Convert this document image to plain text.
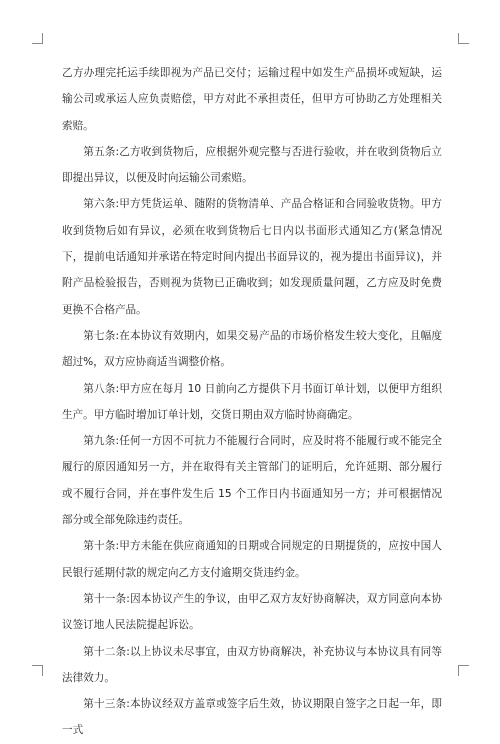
乙方办理完托运手续即视为产品已交付；运输过程中如发生产品损坏或短缺，运输公司或承运人应负责赔偿，甲方对此不承担责任，但甲方可协助乙方处理相关索赔。

第五条:乙方收到货物后，应根据外观完整与否进行验收，并在收到货物后立即提出异议，以便及时向运输公司索赔。

第六条:甲方凭货运单、随附的货物清单、产品合格证和合同验收货物。甲方收到货物后如有异议，必须在收到货物后七日内以书面形式通知乙方(紧急情况下，提前电话通知并承诺在特定时间内提出书面异议的，视为提出书面异议)，并附产品检验报告，否则视为货物已正确收到；如发现质量问题，乙方应及时免费更换不合格产品。

第七条:在本协议有效期内，如果交易产品的市场价格发生较大变化，且幅度超过%，双方应协商适当调整价格。

第八条:甲方应在每月 10 日前向乙方提供下月书面订单计划，以便甲方组织生产。甲方临时增加订单计划，交货日期由双方临时协商确定。

第九条:任何一方因不可抗力不能履行合同时，应及时将不能履行或不能完全履行的原因通知另一方，并在取得有关主管部门的证明后，允许延期、部分履行或不履行合同，并在事件发生后 15 个工作日内书面通知另一方；并可根据情况部分或全部免除违约责任。

第十条:甲方未能在供应商通知的日期或合同规定的日期提货的，应按中国人民银行延期付款的规定向乙方支付逾期交货违约金。

第十一条:因本协议产生的争议，由甲乙双方友好协商解决，双方同意向本协议签订地人民法院提起诉讼。

第十二条:以上协议未尽事宜，由双方协商解决，补充协议与本协议具有同等法律效力。

第十三条:本协议经双方盖章或签字后生效，协议期限自签字之日起一年，即一式
